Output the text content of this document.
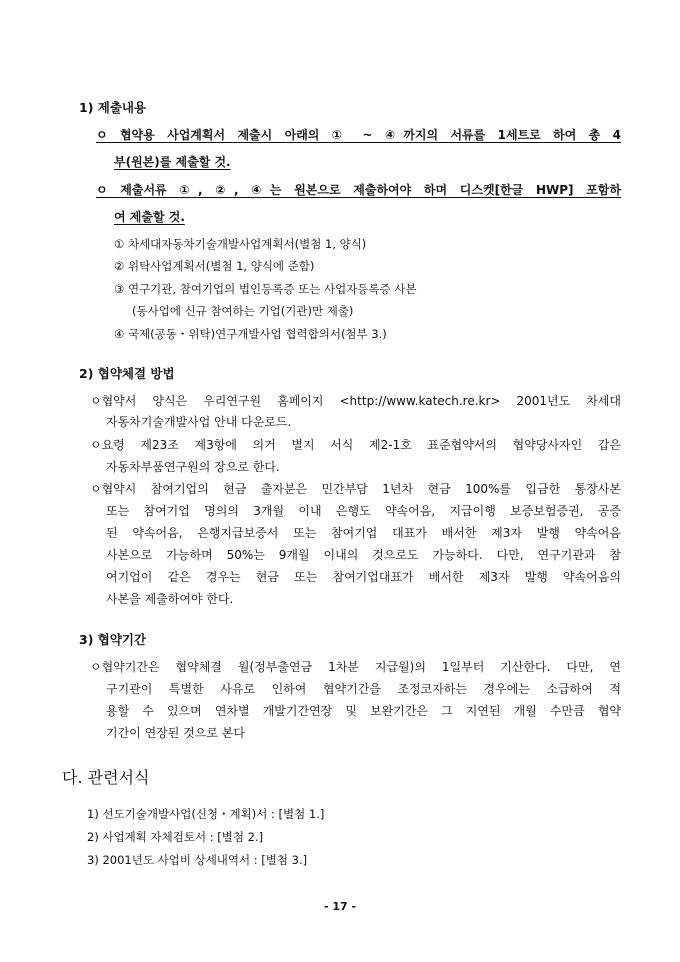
1) 제출내용
ㅇ 협약용 사업계획서 제출시 아래의 ① ~ ④까지의 서류를 1세트로 하여 총 4
부(원본)를 제출할 것.
ㅇ 제출서류 ①, ②, ④는 원본으로 제출하여야 하며 디스켓[한글 HWP] 포함하
여 제출할 것.
① 차세대자동차기술개발사업계획서(별첨 1, 양식)
② 위탁사업계획서(별첨 1, 양식에 준함)
③ 연구기관, 참여기업의 법인등록증 또는 사업자등록증 사본
(동사업에 신규 참여하는 기업(기관)만 제출)
④ 국제(공동・위탁)연구개발사업 협력합의서(첨부 3.)
2) 협약체결 방법
ㅇ협약서 양식은 우리연구원 홈페이지 <http://www.katech.re.kr> 2001년도 차세대
자동차기술개발사업 안내 다운로드.
ㅇ요령 제23조 제3항에 의거 별지 서식 제2-1호 표준협약서의 협약당사자인 갑은
자동차부품연구원의 장으로 한다.
ㅇ협약시 참여기업의 현금 출자분은 민간부담 1년차 현금 100%를 입금한 통장사본
또는 참여기업 명의의 3개월 이내 은행도 약속어음, 지급이행 보증보험증권, 공증
된 약속어음, 은행지급보증서 또는 참여기업 대표가 배서한 제3자 발행 약속어음
사본으로 가능하며 50%는 9개월 이내의 것으로도 가능하다. 다만, 연구기관과 참
여기업이 같은 경우는 현금 또는 참여기업대표가 배서한 제3자 발행 약속어음의
사본을 제출하여야 한다.
3) 협약기간
ㅇ협약기간은 협약체결 월(정부출연금 1차분 지급월)의 1일부터 기산한다. 다만, 연
구기관이 특별한 사유로 인하여 협약기간을 조정코자하는 경우에는 소급하여 적
용할 수 있으며 연차별 개발기간연장 및 보완기간은 그 지연된 개월 수만큼 협약
기간이 연장된 것으로 본다
다. 관련서식
1) 선도기술개발사업(신청・계획)서 : [별첨 1.]
2) 사업계획 자체검토서 : [별첨 2.]
3) 2001년도 사업비 상세내역서 : [별첨 3.]
- 17 -
